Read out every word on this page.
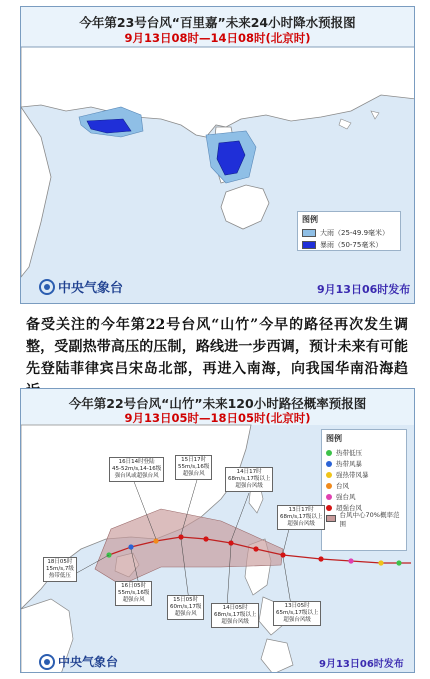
今年第23号台风“百里嘉”未来24小时降水预报图
9月13日08时—14日08时(北京时)
图例
大雨（25-49.9毫米）
暴雨（50-75毫米）
中央气象台	9月13日06时发布
备受关注的今年第22号台风“山竹”今早的路径再次发生调整，受副热带高压的压制，路线进一步西调，预计未来有可能先登陆菲律宾吕宋岛北部，再进入南海，向我国华南沿海趋
今年第22号台风“山竹”未来120小时路径概率预报图
9月13日05时—18日05时(北京时)
图例
热带低压
热带风暴
强热带风暴
台风
强台风
超强台风
台风中心70%概率范围
16日14时登陆
45-52m/s,14-16级
强台风或超强台风
15日17时
55m/s,16级
超强台风	14日17时
68m/s,17级以上
超强台风级
13日17时
68m/s,17级以上
超强台风级
18日05时
15m/s,7级
热带低压
16日05时
55m/s,16级
超强台风	15日05时
60m/s,17级
超强台风
14日05时
68m/s,17级以上
超强台风级
13日05时
65m/s,17级以上
超强台风级
中央气象台	9月13日06时发布
